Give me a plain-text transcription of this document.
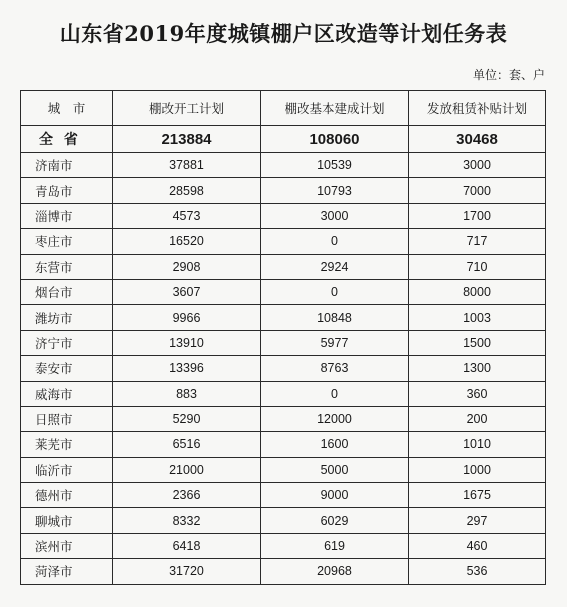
山东省2019年度城镇棚户区改造等计划任务表
单位：套、户
城　市	棚改开工计划	棚改基本建成计划	发放租赁补贴计划
全 省	213884	108060	30468
济南市	37881	10539	3000
青岛市	28598	10793	7000
淄博市	4573	3000	1700
枣庄市	16520	0	717
东营市	2908	2924	710
烟台市	3607	0	8000
潍坊市	9966	10848	1003
济宁市	13910	5977	1500
泰安市	13396	8763	1300
威海市	883	0	360
日照市	5290	12000	200
莱芜市	6516	1600	1010
临沂市	21000	5000	1000
德州市	2366	9000	1675
聊城市	8332	6029	297
滨州市	6418	619	460
菏泽市	31720	20968	536
